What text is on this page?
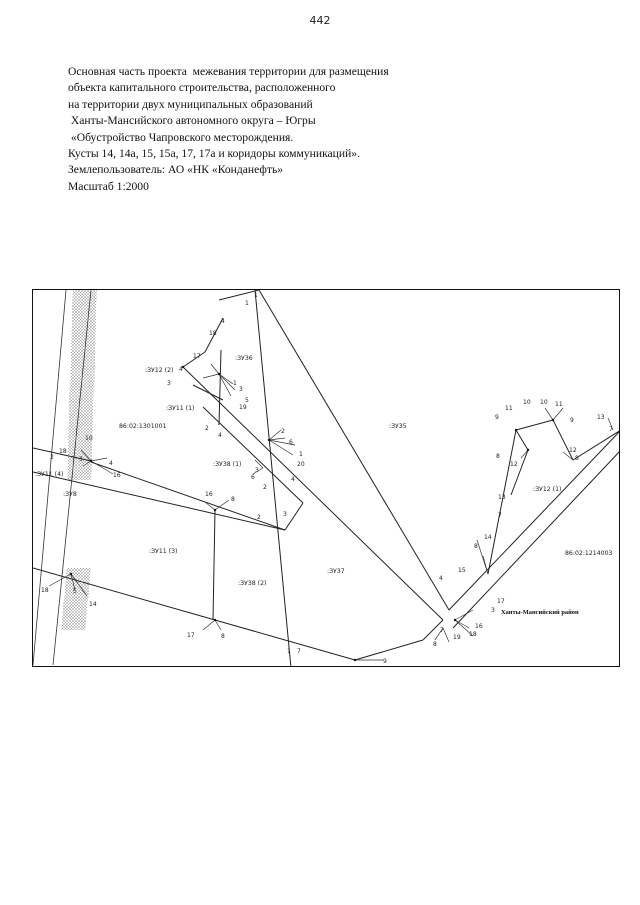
442
Основная часть проекта  межевания территории для размещения
объекта капитального строительства, расположенного
на территории двух муниципальных образований
Ханты-Мансийского автономного округа – Югры
«Обустройство Чапровского месторождения.
Кусты 14, 14а, 15, 15а, 17, 17а и коридоры коммуникаций».
Землепользователь: АО «НК «Конданефть»
Масштаб 1:2000
:ЗУ36
:ЗУ35
:ЗУ37
:ЗУ12 (2)
:ЗУ11 (1)
:ЗУ38 (1)
:ЗУ11 (4)
:ЗУ8
:ЗУ11 (3)
:ЗУ38 (2)
:ЗУ12 (1)
86:02:1301001
86:02:1214003
Ханты-Мансийский район
10
1
1
18
4
17
4
3	1
3
5
19
2
4
2
6
1
20
3
6
2
16
8
2	3
4
2
18
3
4
16
18	5
14
17	8
1 7
9
9
11
10 10 11
9	13
7
8
12
12
8
13
7
14
8
4
15
17
3
16
18
19
7
8
